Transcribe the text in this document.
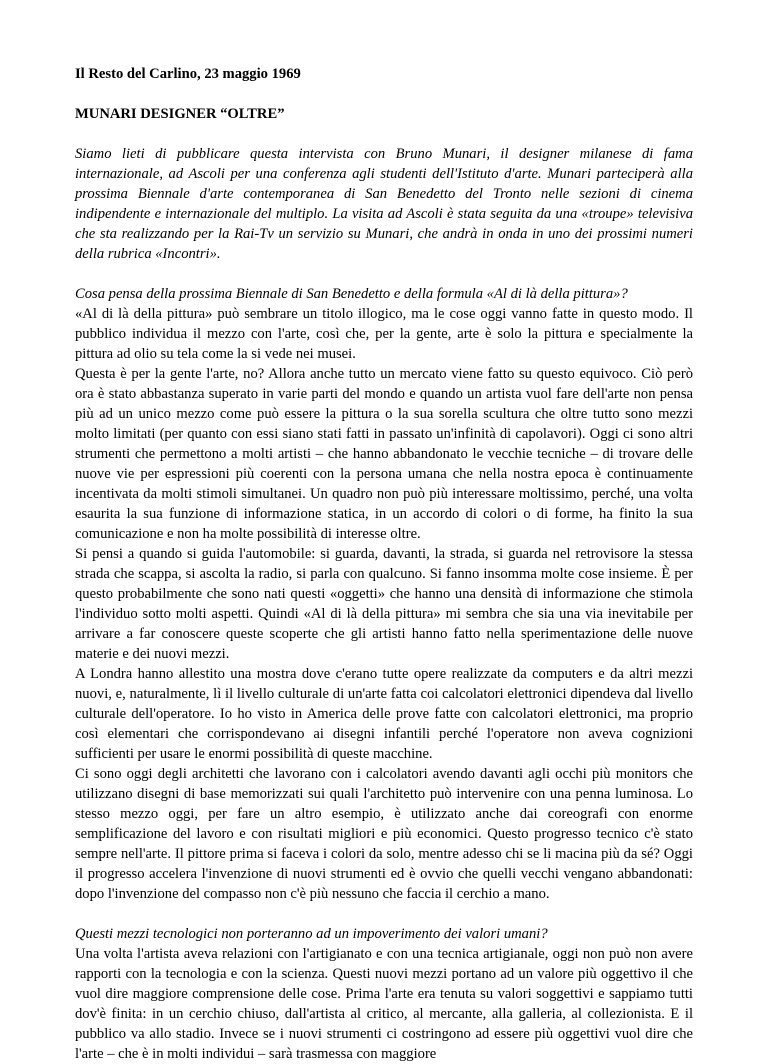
Il Resto del Carlino, 23 maggio 1969

MUNARI DESIGNER “OLTRE”

Siamo lieti di pubblicare questa intervista con Bruno Munari, il designer milanese di fama internazionale, ad Ascoli per una conferenza agli studenti dell'Istituto d'arte. Munari parteciperà alla prossima Biennale d'arte contemporanea di San Benedetto del Tronto nelle sezioni di cinema indipendente e internazionale del multiplo. La visita ad Ascoli è stata seguita da una «troupe» televisiva che sta realizzando per la Rai-Tv un servizio su Munari, che andrà in onda in uno dei prossimi numeri della rubrica «Incontri».

Cosa pensa della prossima Biennale di San Benedetto e della formula «Al di là della pittura»?

«Al di là della pittura» può sembrare un titolo illogico, ma le cose oggi vanno fatte in questo modo. Il pubblico individua il mezzo con l'arte, così che, per la gente, arte è solo la pittura e specialmente la pittura ad olio su tela come la si vede nei musei.

Questa è per la gente l'arte, no? Allora anche tutto un mercato viene fatto su questo equivoco. Ciò però ora è stato abbastanza superato in varie parti del mondo e quando un artista vuol fare dell'arte non pensa più ad un unico mezzo come può essere la pittura o la sua sorella scultura che oltre tutto sono mezzi molto limitati (per quanto con essi siano stati fatti in passato un'infinità di capolavori). Oggi ci sono altri strumenti che permettono a molti artisti – che hanno abbandonato le vecchie tecniche – di trovare delle nuove vie per espressioni più coerenti con la persona umana che nella nostra epoca è continuamente incentivata da molti stimoli simultanei. Un quadro non può più interessare moltissimo, perché, una volta esaurita la sua funzione di informazione statica, in un accordo di colori o di forme, ha finito la sua comunicazione e non ha molte possibilità di interesse oltre.

Si pensi a quando si guida l'automobile: si guarda, davanti, la strada, si guarda nel retrovisore la stessa strada che scappa, si ascolta la radio, si parla con qualcuno. Si fanno insomma molte cose insieme. È per questo probabilmente che sono nati questi «oggetti» che hanno una densità di informazione che stimola l'individuo sotto molti aspetti. Quindi «Al di là della pittura» mi sembra che sia una via inevitabile per arrivare a far conoscere queste scoperte che gli artisti hanno fatto nella sperimentazione delle nuove materie e dei nuovi mezzi.

A Londra hanno allestito una mostra dove c'erano tutte opere realizzate da computers e da altri mezzi nuovi, e, naturalmente, lì il livello culturale di un'arte fatta coi calcolatori elettronici dipendeva dal livello culturale dell'operatore. Io ho visto in America delle prove fatte con calcolatori elettronici, ma proprio così elementari che corrispondevano ai disegni infantili perché l'operatore non aveva cognizioni sufficienti per usare le enormi possibilità di queste macchine.

Ci sono oggi degli architetti che lavorano con i calcolatori avendo davanti agli occhi più monitors che utilizzano disegni di base memorizzati sui quali l'architetto può intervenire con una penna luminosa. Lo stesso mezzo oggi, per fare un altro esempio, è utilizzato anche dai coreografi con enorme semplificazione del lavoro e con risultati migliori e più economici. Questo progresso tecnico c'è stato sempre nell'arte. Il pittore prima si faceva i colori da solo, mentre adesso chi se li macina più da sé? Oggi il progresso accelera l'invenzione di nuovi strumenti ed è ovvio che quelli vecchi vengano abbandonati: dopo l'invenzione del compasso non c'è più nessuno che faccia il cerchio a mano.

Questi mezzi tecnologici non porteranno ad un impoverimento dei valori umani?

Una volta l'artista aveva relazioni con l'artigianato e con una tecnica artigianale, oggi non può non avere rapporti con la tecnologia e con la scienza. Questi nuovi mezzi portano ad un valore più oggettivo il che vuol dire maggiore comprensione delle cose. Prima l'arte era tenuta su valori soggettivi e sappiamo tutti dov'è finita: in un cerchio chiuso, dall'artista al critico, al mercante, alla galleria, al collezionista. E il pubblico va allo stadio. Invece se i nuovi strumenti ci costringono ad essere più oggettivi vuol dire che l'arte – che è in molti individui – sarà trasmessa con maggiore
